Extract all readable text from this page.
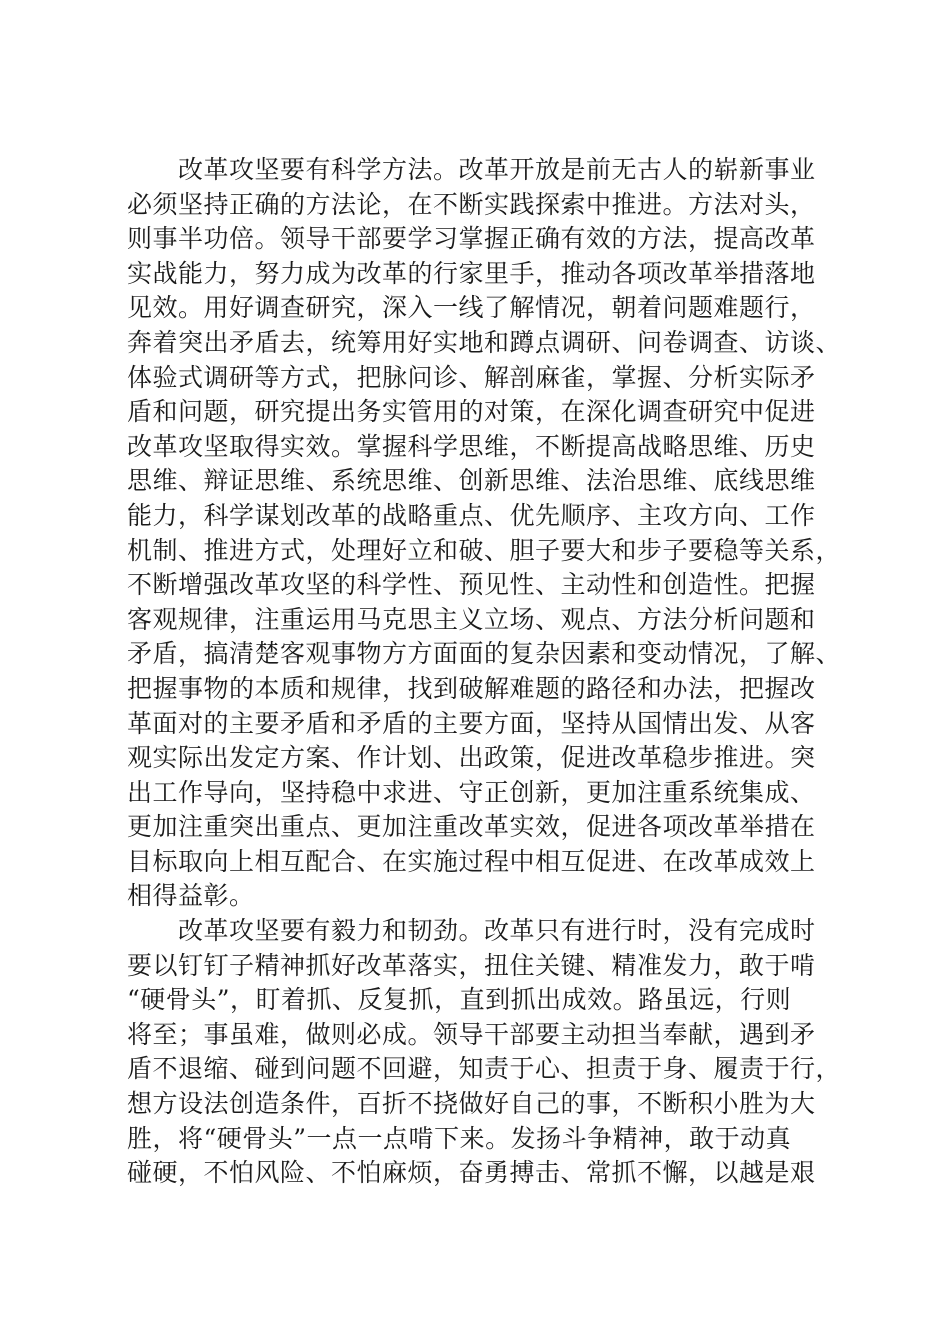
　　改革攻坚要有科学方法。改革开放是前无古人的崭新事业
必须坚持正确的方法论，在不断实践探索中推进。方法对头，
则事半功倍。领导干部要学习掌握正确有效的方法，提高改革
实战能力，努力成为改革的行家里手，推动各项改革举措落地
见效。用好调查研究，深入一线了解情况，朝着问题难题行，
奔着突出矛盾去，统筹用好实地和蹲点调研、问卷调查、访谈、
体验式调研等方式，把脉问诊、解剖麻雀，掌握、分析实际矛
盾和问题，研究提出务实管用的对策，在深化调查研究中促进
改革攻坚取得实效。掌握科学思维，不断提高战略思维、历史
思维、辩证思维、系统思维、创新思维、法治思维、底线思维
能力，科学谋划改革的战略重点、优先顺序、主攻方向、工作
机制、推进方式，处理好立和破、胆子要大和步子要稳等关系，
不断增强改革攻坚的科学性、预见性、主动性和创造性。把握
客观规律，注重运用马克思主义立场、观点、方法分析问题和
矛盾，搞清楚客观事物方方面面的复杂因素和变动情况，了解、
把握事物的本质和规律，找到破解难题的路径和办法，把握改
革面对的主要矛盾和矛盾的主要方面，坚持从国情出发、从客
观实际出发定方案、作计划、出政策，促进改革稳步推进。突
出工作导向，坚持稳中求进、守正创新，更加注重系统集成、
更加注重突出重点、更加注重改革实效，促进各项改革举措在
目标取向上相互配合、在实施过程中相互促进、在改革成效上
相得益彰。
　　改革攻坚要有毅力和韧劲。改革只有进行时，没有完成时
要以钉钉子精神抓好改革落实，扭住关键、精准发力，敢于啃
“硬骨头”，盯着抓、反复抓，直到抓出成效。路虽远，行则
将至；事虽难，做则必成。领导干部要主动担当奉献，遇到矛
盾不退缩、碰到问题不回避，知责于心、担责于身、履责于行，
想方设法创造条件，百折不挠做好自己的事，不断积小胜为大
胜，将“硬骨头”一点一点啃下来。发扬斗争精神，敢于动真
碰硬，不怕风险、不怕麻烦，奋勇搏击、常抓不懈，以越是艰
